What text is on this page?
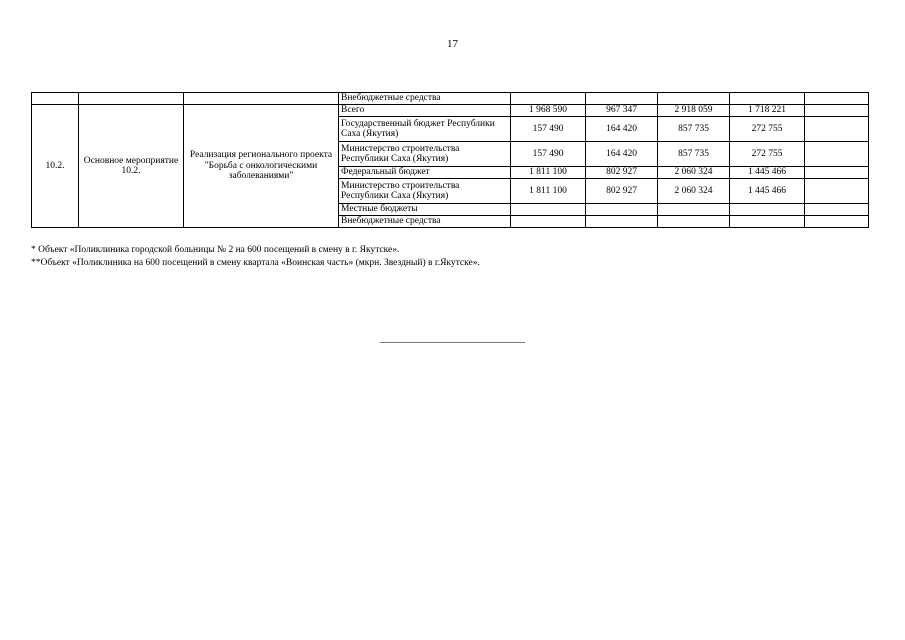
17
			Внебюджетные средства					
10.2.	Основное мероприятие 10.2.	Реализация регионального проекта "Борьба с онкологическими заболеваниями"	Всего	1 968 590	967 347	2 918 059	1 718 221	
			Государственный бюджет Республики Саха (Якутия)	157 490	164 420	857 735	272 755	
			Министерство строительства Республики Саха (Якутия)	157 490	164 420	857 735	272 755	
			Федеральный бюджет	1 811 100	802 927	2 060 324	1 445 466	
			Министерство строительства Республики Саха (Якутия)	1 811 100	802 927	2 060 324	1 445 466	
			Местные бюджеты					
			Внебюджетные средства					
* Объект «Поликлиника городской больницы № 2 на 600 посещений в смену в г. Якутске».
**Объект «Поликлиника на 600 посещений в смену квартала «Воинская часть» (мкрн. Звездный) в г.Якутске».
